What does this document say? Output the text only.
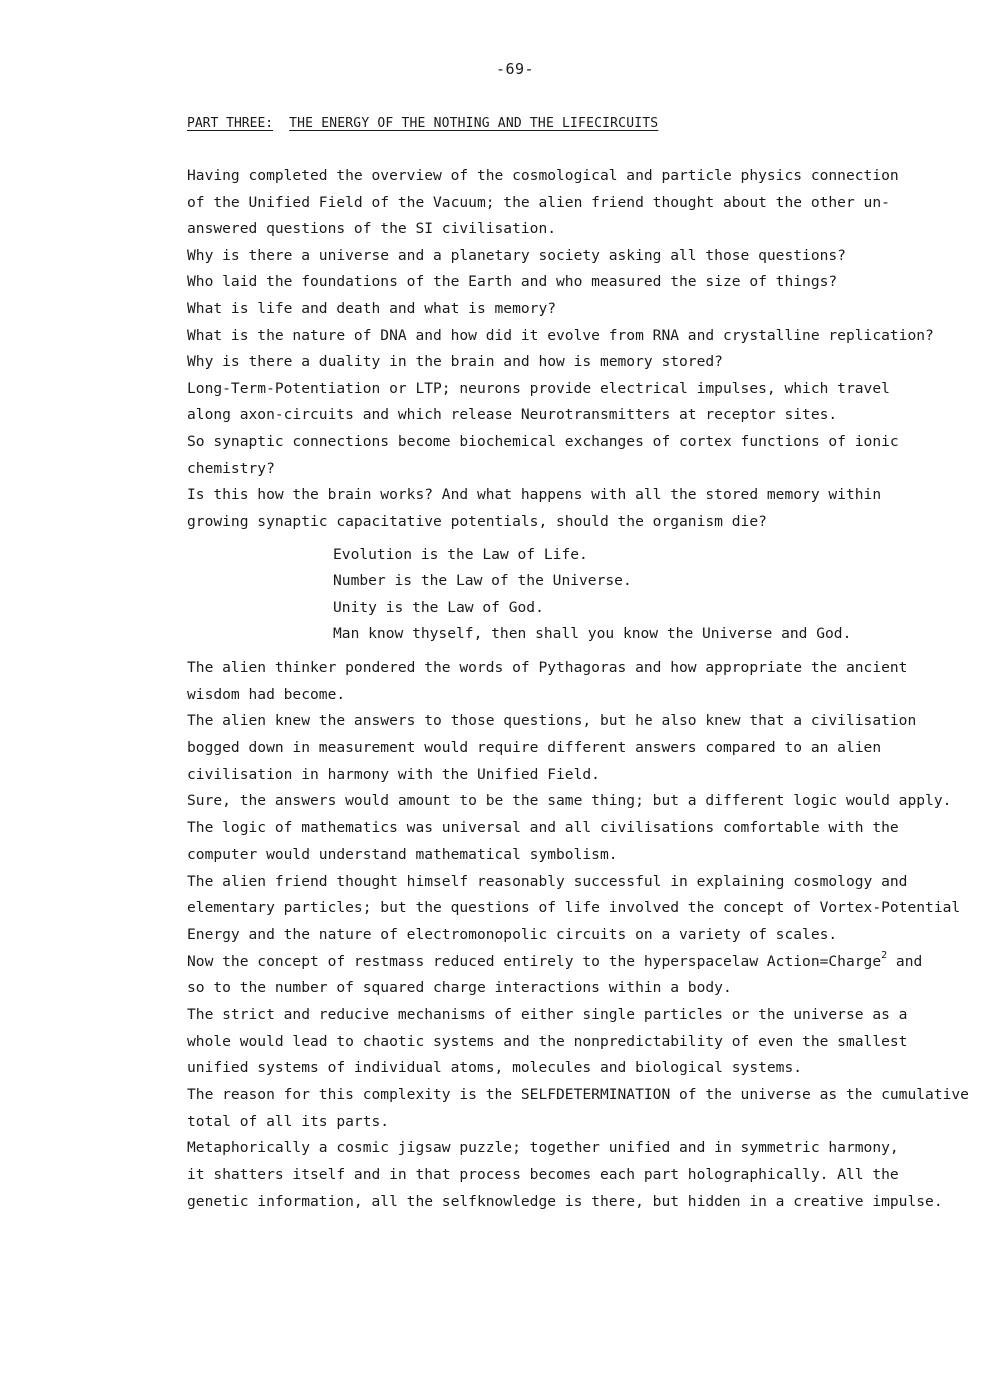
-69-
PART THREE: THE ENERGY OF THE NOTHING AND THE LIFECIRCUITS
Having completed the overview of the cosmological and particle physics connection
of the Unified Field of the Vacuum; the alien friend thought about the other un-
answered questions of the SI civilisation.
Why is there a universe and a planetary society asking all those questions?
Who laid the foundations of the Earth and who measured the size of things?
What is life and death and what is memory?
What is the nature of DNA and how did it evolve from RNA and crystalline replication?
Why is there a duality in the brain and how is memory stored?
Long-Term-Potentiation or LTP; neurons provide electrical impulses, which travel
along axon-circuits and which release Neurotransmitters at receptor sites.
So synaptic connections become biochemical exchanges of cortex functions of ionic
chemistry?
Is this how the brain works? And what happens with all the stored memory within
growing synaptic capacitative potentials, should the organism die?
Evolution is the Law of Life.
Number is the Law of the Universe.
Unity is the Law of God.
Man know thyself, then shall you know the Universe and God.
The alien thinker pondered the words of Pythagoras and how appropriate the ancient
wisdom had become.
The alien knew the answers to those questions, but he also knew that a civilisation
bogged down in measurement would require different answers compared to an alien
civilisation in harmony with the Unified Field.
Sure, the answers would amount to be the same thing; but a different logic would apply.
The logic of mathematics was universal and all civilisations comfortable with the
computer would understand mathematical symbolism.
The alien friend thought himself reasonably successful in explaining cosmology and
elementary particles; but the questions of life involved the concept of Vortex-Potential
Energy and the nature of electromonopolic circuits on a variety of scales.
Now the concept of restmass reduced entirely to the hyperspacelaw Action=Charge$^2$ and
so to the number of squared charge interactions within a body.
The strict and reducive mechanisms of either single particles or the universe as a
whole would lead to chaotic systems and the nonpredictability of even the smallest
unified systems of individual atoms, molecules and biological systems.
The reason for this complexity is the SELFDETERMINATION of the universe as the cumulative
total of all its parts.
Metaphorically a cosmic jigsaw puzzle; together unified and in symmetric harmony,
it shatters itself and in that process becomes each part holographically. All the
genetic information, all the selfknowledge is there, but hidden in a creative impulse.
